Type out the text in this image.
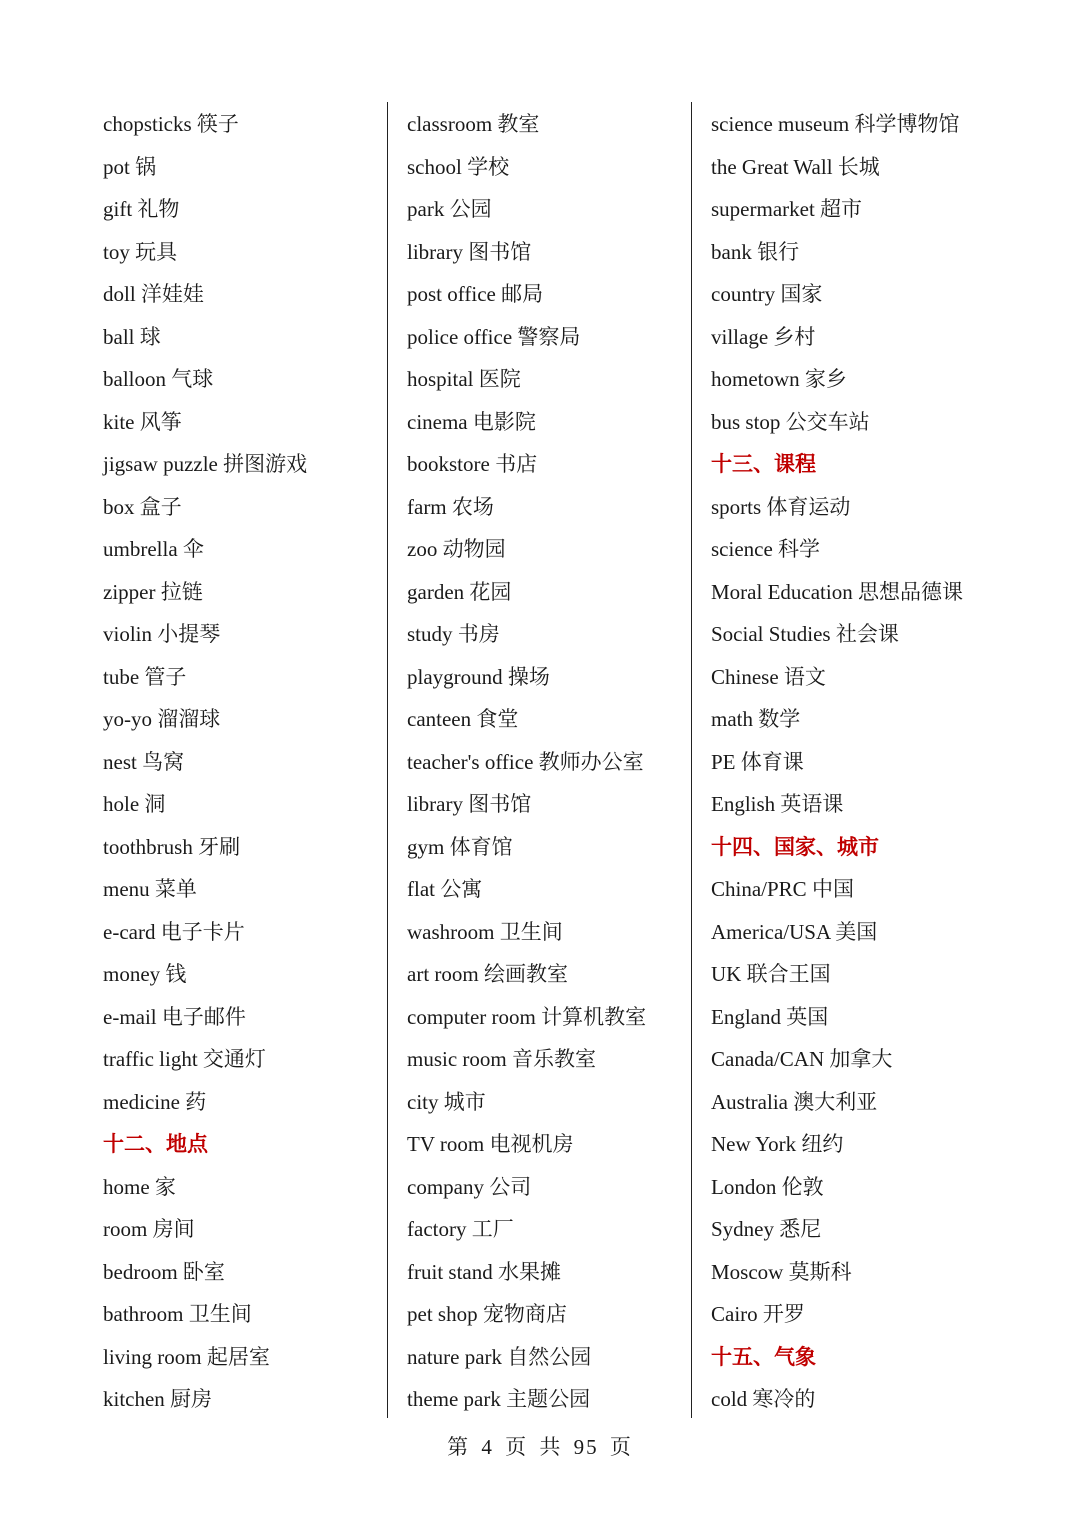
chopsticks 筷子
pot 锅
gift 礼物
toy 玩具
doll 洋娃娃
ball 球
balloon 气球
kite 风筝
jigsaw puzzle 拼图游戏
box 盒子
umbrella 伞
zipper 拉链
violin 小提琴
tube 管子
yo-yo 溜溜球
nest 鸟窝
hole 洞
toothbrush 牙刷
menu 菜单
e-card 电子卡片
money 钱
e-mail 电子邮件
traffic light 交通灯
medicine 药
十二、地点
home 家
room 房间
bedroom 卧室
bathroom 卫生间
living room 起居室
kitchen 厨房
classroom 教室
school 学校
park 公园
library 图书馆
post office 邮局
police office 警察局
hospital 医院
cinema 电影院
bookstore 书店
farm 农场
zoo 动物园
garden 花园
study 书房
playground 操场
canteen 食堂
teacher's office 教师办公室
library 图书馆
gym 体育馆
flat 公寓
washroom 卫生间
art room 绘画教室
computer room 计算机教室
music room 音乐教室
city 城市
TV room 电视机房
company 公司
factory 工厂
fruit stand 水果摊
pet shop 宠物商店
nature park 自然公园
theme park 主题公园
science museum 科学博物馆
the Great Wall 长城
supermarket 超市
bank 银行
country 国家
village 乡村
hometown 家乡
bus stop 公交车站
十三、课程
sports 体育运动
science 科学
Moral Education 思想品德课
Social Studies 社会课
Chinese 语文
math 数学
PE 体育课
English 英语课
十四、国家、城市
China/PRC 中国
America/USA 美国
UK 联合王国
England 英国
Canada/CAN 加拿大
Australia 澳大利亚
New York 纽约
London 伦敦
Sydney 悉尼
Moscow 莫斯科
Cairo 开罗
十五、气象
cold 寒冷的
第 4 页 共 95 页
